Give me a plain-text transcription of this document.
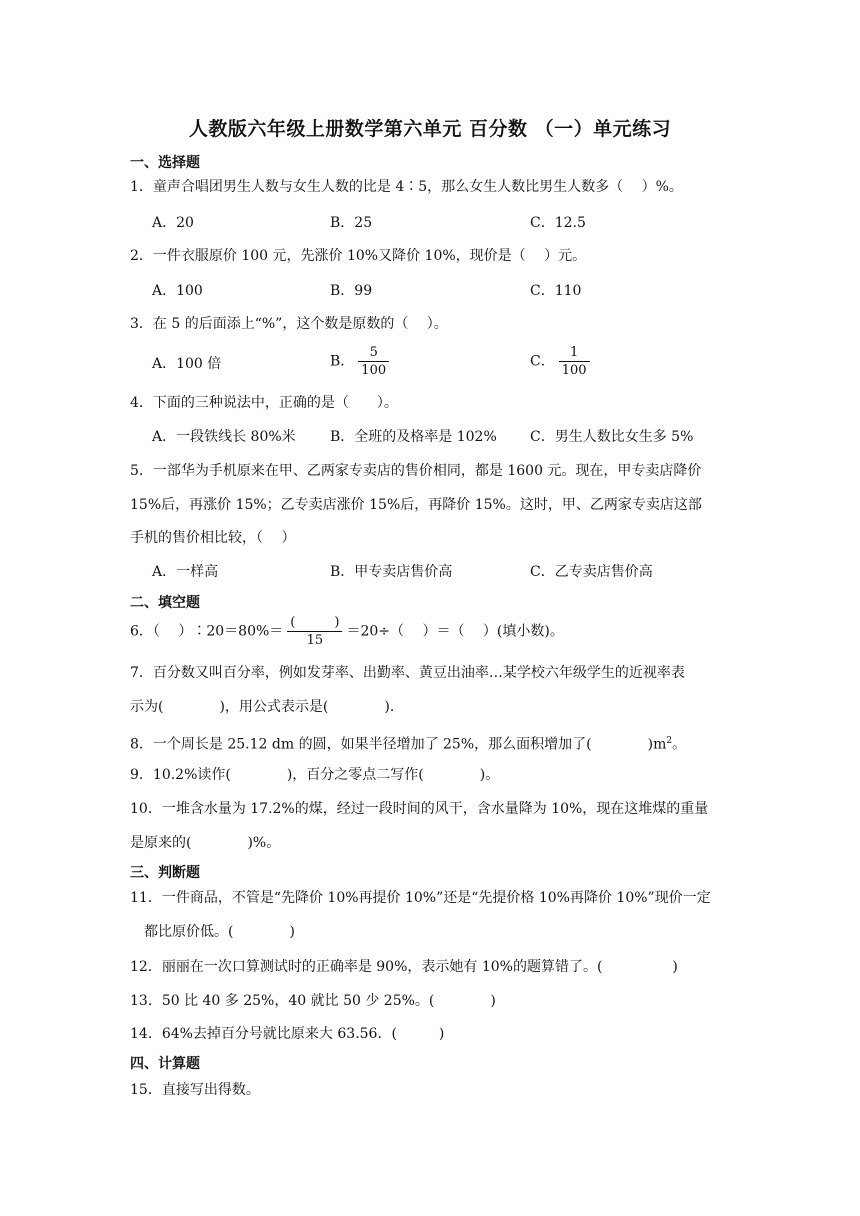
人教版六年级上册数学第六单元 百分数 （一）单元练习
一、选择题
1．童声合唱团男生人数与女生人数的比是 4∶5，那么女生人数比男生人数多（　 ）%。
A．20	B．25	C．12.5
2．一件衣服原价 100 元，先涨价 10%又降价 10%，现价是（　 ）元。
A．100	B．99	C．110
3．在 5 的后面添上“%”，这个数是原数的（　 ）。
A．100 倍	B． $\frac{5}{100}$	C． $\frac{1}{100}$
4．下面的三种说法中，正确的是（　　）。
A．一段铁线长 80%米 B．全班的及格率是 102% C．男生人数比女生多 5%
5．一部华为手机原来在甲、乙两家专卖店的售价相同，都是 1600 元。现在，甲专卖店降价
15%后，再涨价 15%；乙专卖店涨价 15%后，再降价 15%。这时，甲、乙两家专卖店这部
手机的售价相比较，（　 ）
A．一样高	B．甲专卖店售价高	C．乙专卖店售价高
二、填空题
6．（　 ）∶20＝80%＝ $\frac{( )}{15} =20\div$（　 ）＝（　 ）(填小数)。
7．百分数又叫百分率，例如发芽率、出勤率、黄豆出油率…某学校六年级学生的近视率表
示为(　　　　)，用公式表示是(　　　　).
8．一个周长是 25.12 dm 的圆，如果半径增加了 25%，那么面积增加了(　　　　)$m^2$。
9．10.2%读作(　　　　)，百分之零点二写作(　　　　)。
10．一堆含水量为 17.2%的煤，经过一段时间的风干，含水量降为 10%，现在这堆煤的重量
是原来的(　　　　)%。
三、判断题
11．一件商品，不管是“先降价 10%再提价 10%”还是“先提价格 10%再降价 10%”现价一定
都比原价低。(　　　　)
12．丽丽在一次口算测试时的正确率是 90%，表示她有 10%的题算错了。(　　　　　)
13．50 比 40 多 25%，40 就比 50 少 25%。(　　　　)
14．64%去掉百分号就比原来大 63.56．(　　　)
四、计算题
15．直接写出得数。
